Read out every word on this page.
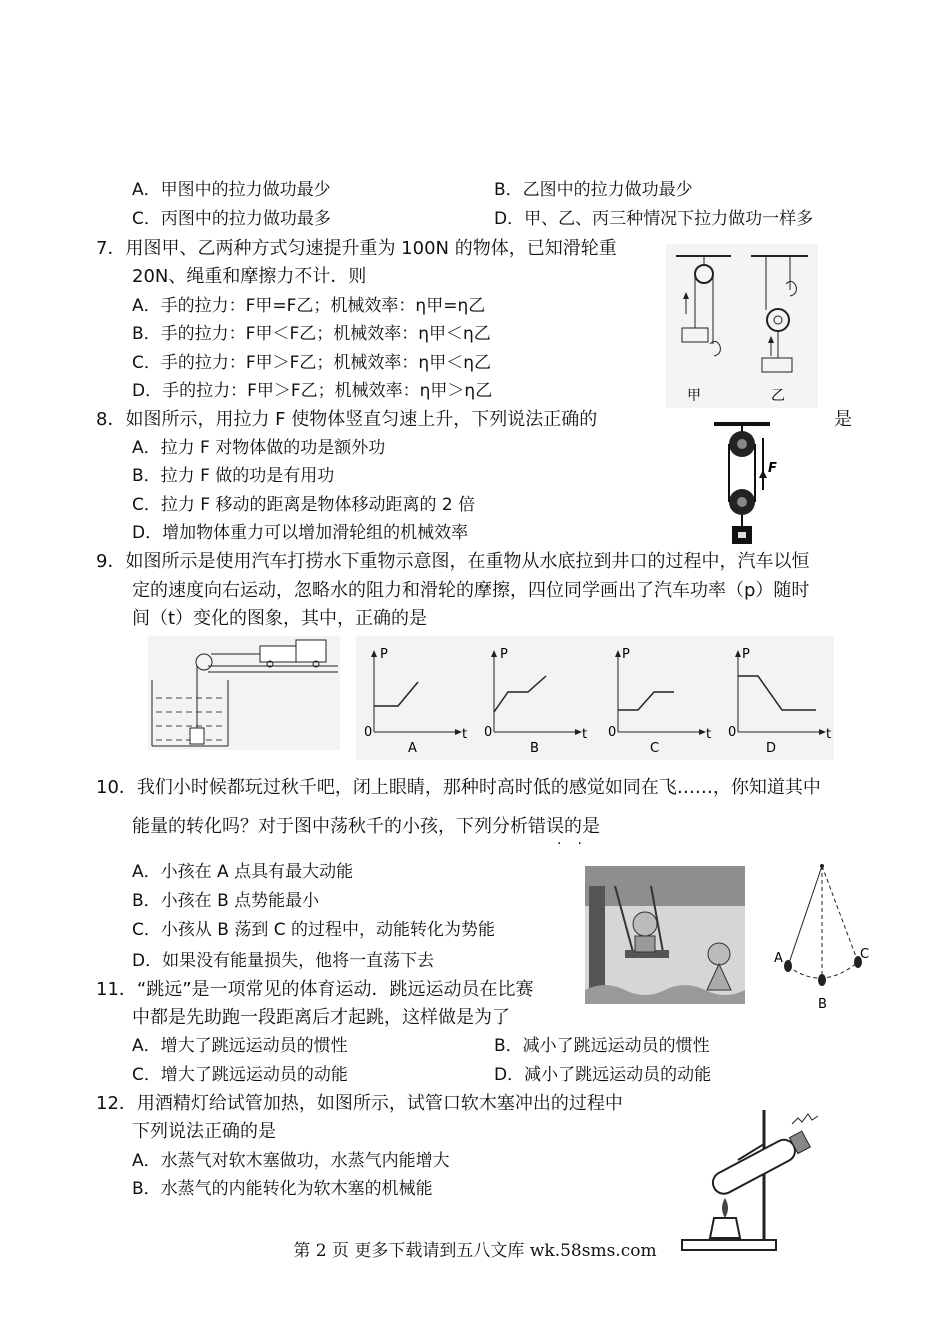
A．甲图中的拉力做功最少	B．乙图中的拉力做功最少
C．丙图中的拉力做功最多	D．甲、乙、丙三种情况下拉力做功一样多
7．用图甲、乙两种方式匀速提升重为 100N 的物体，已知滑轮重
20N、绳重和摩擦力不计．则
A．手的拉力：F甲=F乙；机械效率：η甲=η乙
B．手的拉力：F甲＜F乙；机械效率：η甲＜η乙
C．手的拉力：F甲＞F乙；机械效率：η甲＜η乙
D．手的拉力：F甲＞F乙；机械效率：η甲＞η乙	甲	乙
8．如图所示，用拉力 F 使物体竖直匀速上升，下列说法正确的	是
A．拉力 F 对物体做的功是额外功
B．拉力 F 做的功是有用功
C．拉力 F 移动的距离是物体移动距离的 2 倍
D．增加物体重力可以增加滑轮组的机械效率
F
9．如图所示是使用汽车打捞水下重物示意图，在重物从水底拉到井口的过程中，汽车以恒
定的速度向右运动，忽略水的阻力和滑轮的摩擦，四位同学画出了汽车功率（p）随时
间（t）变化的图象，其中，正确的是
P
0	t
A
P
0	t
B
P
0	t
C
P
0	t
D
10．我们小时候都玩过秋千吧，闭上眼睛，那种时高时低的感觉如同在飞……，你知道其中
能量的转化吗？对于图中荡秋千的小孩，下列分析错误的是
··
A．小孩在 A 点具有最大动能
B．小孩在 B 点势能最小
C．小孩从 B 荡到 C 的过程中，动能转化为势能
D．如果没有能量损失，他将一直荡下去	A
B
C
11．“跳远”是一项常见的体育运动．跳远运动员在比赛
中都是先助跑一段距离后才起跳，这样做是为了
A．增大了跳远运动员的惯性	B．减小了跳远运动员的惯性
C．增大了跳远运动员的动能	D．减小了跳远运动员的动能
12．用酒精灯给试管加热，如图所示，试管口软木塞冲出的过程中
下列说法正确的是
A．水蒸气对软木塞做功，水蒸气内能增大
B．水蒸气的内能转化为软木塞的机械能
第 2 页 更多下载请到五八文库 wk.58sms.com
